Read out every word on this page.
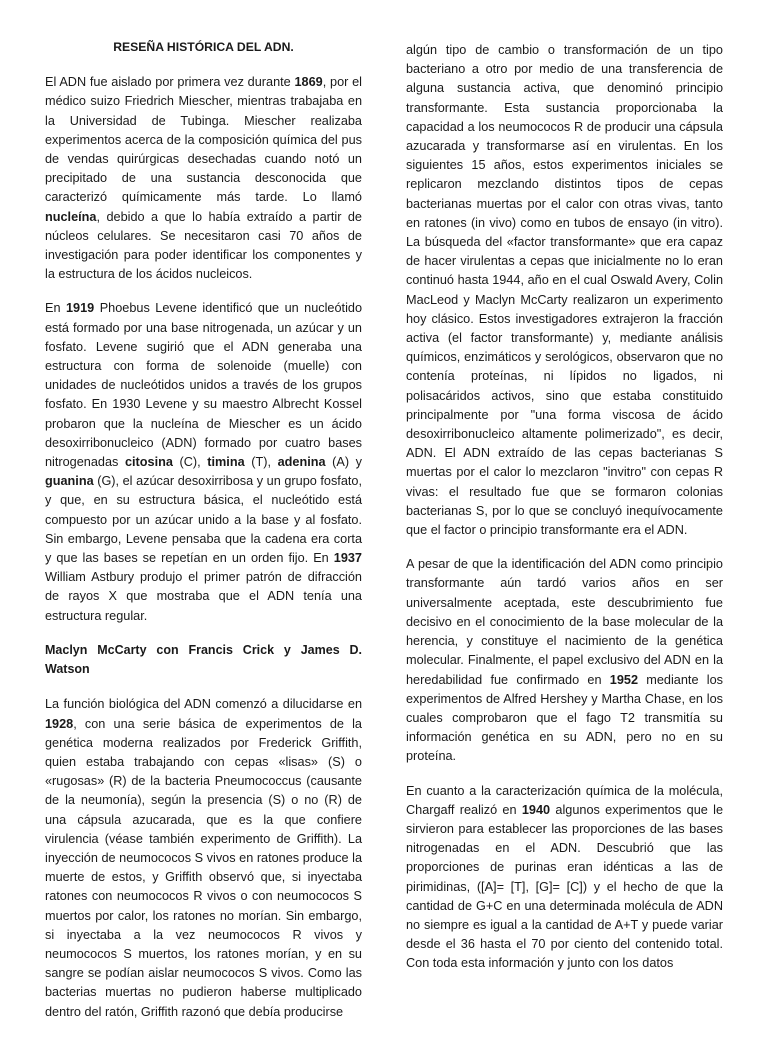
RESEÑA HISTÓRICA DEL ADN.

El ADN fue aislado por primera vez durante 1869, por el médico suizo Friedrich Miescher, mientras trabajaba en la Universidad de Tubinga. Miescher realizaba experimentos acerca de la composición química del pus de vendas quirúrgicas desechadas cuando notó un precipitado de una sustancia desconocida que caracterizó químicamente más tarde. Lo llamó nucleína, debido a que lo había extraído a partir de núcleos celulares. Se necesitaron casi 70 años de investigación para poder identificar los componentes y la estructura de los ácidos nucleicos.

En 1919 Phoebus Levene identificó que un nucleótido está formado por una base nitrogenada, un azúcar y un fosfato. Levene sugirió que el ADN generaba una estructura con forma de solenoide (muelle) con unidades de nucleótidos unidos a través de los grupos fosfato. En 1930 Levene y su maestro Albrecht Kossel probaron que la nucleína de Miescher es un ácido desoxirribonucleico (ADN) formado por cuatro bases nitrogenadas citosina (C), timina (T), adenina (A) y guanina (G), el azúcar desoxirribosa y un grupo fosfato, y que, en su estructura básica, el nucleótido está compuesto por un azúcar unido a la base y al fosfato. Sin embargo, Levene pensaba que la cadena era corta y que las bases se repetían en un orden fijo. En 1937 William Astbury produjo el primer patrón de difracción de rayos X que mostraba que el ADN tenía una estructura regular.

Maclyn McCarty con Francis Crick y James D. Watson

La función biológica del ADN comenzó a dilucidarse en 1928, con una serie básica de experimentos de la genética moderna realizados por Frederick Griffith, quien estaba trabajando con cepas «lisas» (S) o «rugosas» (R) de la bacteria Pneumococcus (causante de la neumonía), según la presencia (S) o no (R) de una cápsula azucarada, que es la que confiere virulencia (véase también experimento de Griffith). La inyección de neumococos S vivos en ratones produce la muerte de estos, y Griffith observó que, si inyectaba ratones con neumococos R vivos o con neumococos S muertos por calor, los ratones no morían. Sin embargo, si inyectaba a la vez neumococos R vivos y neumococos S muertos, los ratones morían, y en su sangre se podían aislar neumococos S vivos. Como las bacterias muertas no pudieron haberse multiplicado dentro del ratón, Griffith razonó que debía producirse

algún tipo de cambio o transformación de un tipo bacteriano a otro por medio de una transferencia de alguna sustancia activa, que denominó principio transformante. Esta sustancia proporcionaba la capacidad a los neumococos R de producir una cápsula azucarada y transformarse así en virulentas. En los siguientes 15 años, estos experimentos iniciales se replicaron mezclando distintos tipos de cepas bacterianas muertas por el calor con otras vivas, tanto en ratones (in vivo) como en tubos de ensayo (in vitro). La búsqueda del «factor transformante» que era capaz de hacer virulentas a cepas que inicialmente no lo eran continuó hasta 1944, año en el cual Oswald Avery, Colin MacLeod y Maclyn McCarty realizaron un experimento hoy clásico. Estos investigadores extrajeron la fracción activa (el factor transformante) y, mediante análisis químicos, enzimáticos y serológicos, observaron que no contenía proteínas, ni lípidos no ligados, ni polisacáridos activos, sino que estaba constituido principalmente por "una forma viscosa de ácido desoxirribonucleico altamente polimerizado", es decir, ADN. El ADN extraído de las cepas bacterianas S muertas por el calor lo mezclaron "invitro" con cepas R vivas: el resultado fue que se formaron colonias bacterianas S, por lo que se concluyó inequívocamente que el factor o principio transformante era el ADN.

A pesar de que la identificación del ADN como principio transformante aún tardó varios años en ser universalmente aceptada, este descubrimiento fue decisivo en el conocimiento de la base molecular de la herencia, y constituye el nacimiento de la genética molecular. Finalmente, el papel exclusivo del ADN en la heredabilidad fue confirmado en 1952 mediante los experimentos de Alfred Hershey y Martha Chase, en los cuales comprobaron que el fago T2 transmitía su información genética en su ADN, pero no en su proteína.

En cuanto a la caracterización química de la molécula, Chargaff realizó en 1940 algunos experimentos que le sirvieron para establecer las proporciones de las bases nitrogenadas en el ADN. Descubrió que las proporciones de purinas eran idénticas a las de pirimidinas, ([A]= [T], [G]= [C]) y el hecho de que la cantidad de G+C en una determinada molécula de ADN no siempre es igual a la cantidad de A+T y puede variar desde el 36 hasta el 70 por ciento del contenido total. Con toda esta información y junto con los datos
